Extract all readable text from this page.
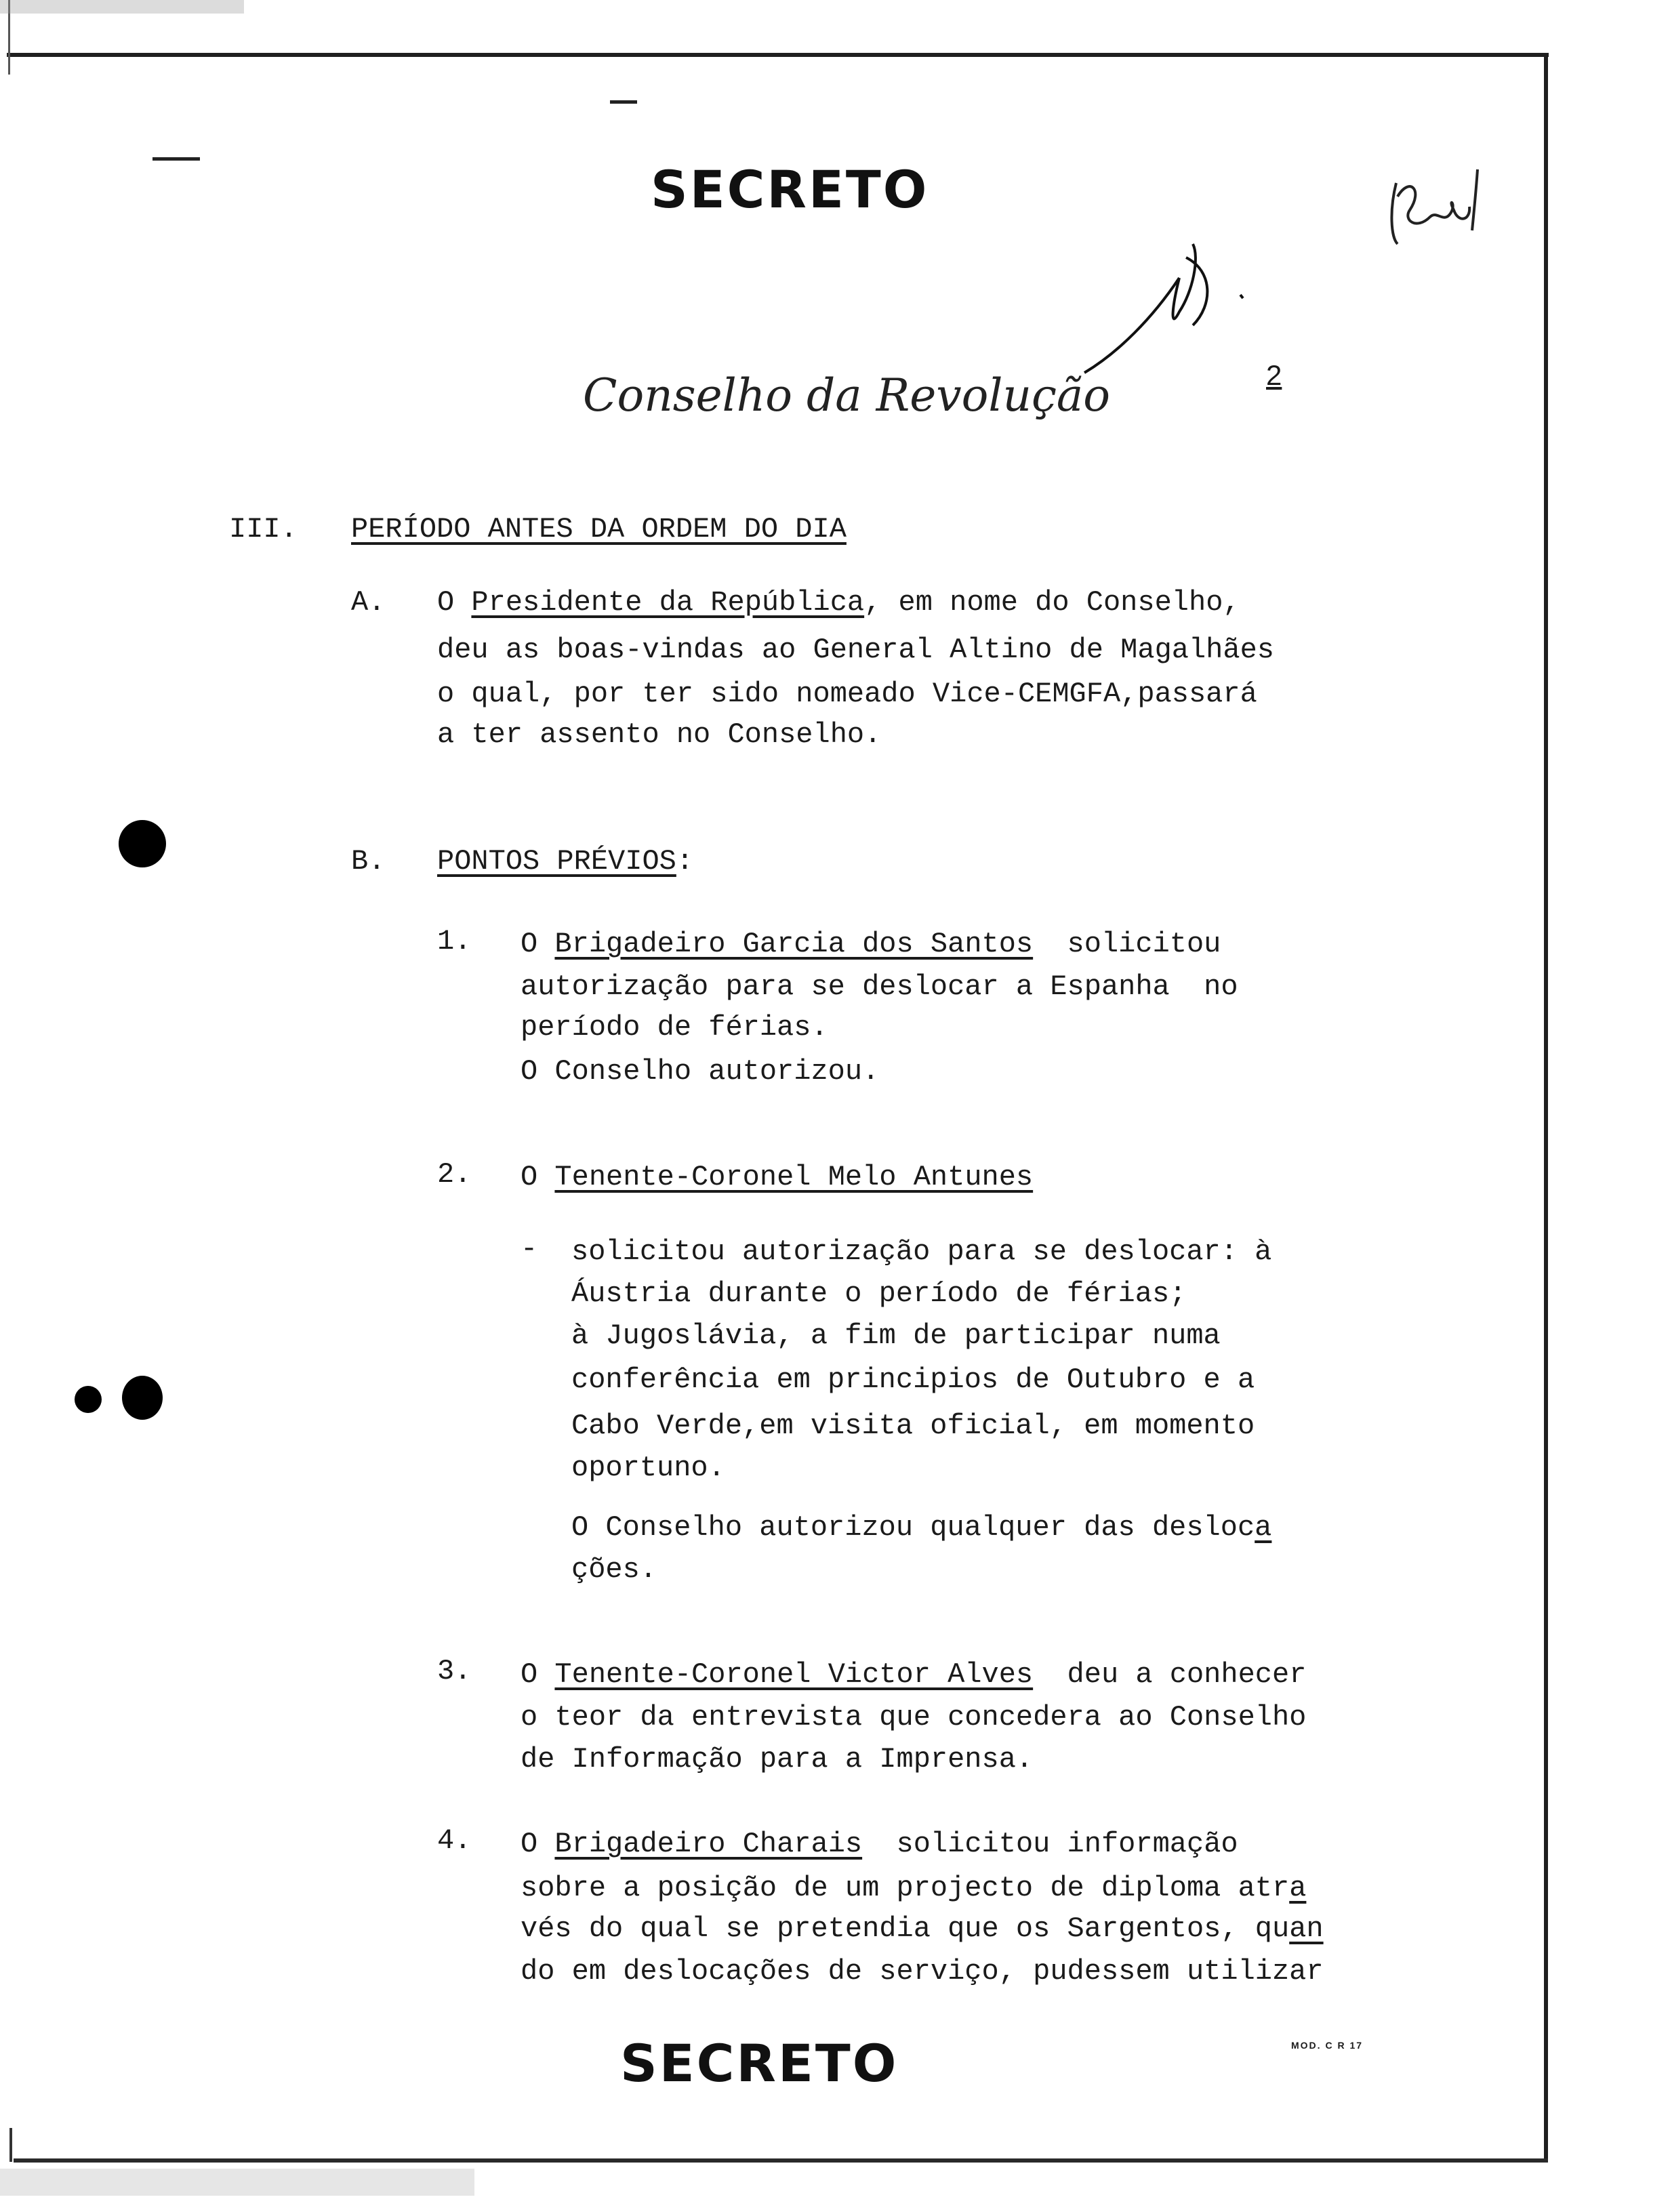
SECRETO
SECRETO
Conselho da Revolução	2
III. PERÍODO ANTES DA ORDEM DO DIA
A. O Presidente da República, em nome do Conselho,
deu as boas-vindas ao General Altino de Magalhães
o qual, por ter sido nomeado Vice-CEMGFA,passará
a ter assento no Conselho.
B. PONTOS PRÉVIOS:
1. O Brigadeiro Garcia dos Santos  solicitou
autorização para se deslocar a Espanha  no
período de férias.
O Conselho autorizou.
2. O Tenente-Coronel Melo Antunes
- solicitou autorização para se deslocar: à
Áustria durante o período de férias;
à Jugoslávia, a fim de participar numa
conferência em principios de Outubro e a
Cabo Verde,em visita oficial, em momento
oportuno.
O Conselho autorizou qualquer das desloca
ções.
3. O Tenente-Coronel Victor Alves  deu a conhecer
o teor da entrevista que concedera ao Conselho
de Informação para a Imprensa.
4. O Brigadeiro Charais  solicitou informação
sobre a posição de um projecto de diploma atra
vés do qual se pretendia que os Sargentos, quan
do em deslocações de serviço, pudessem utilizar
MOD. C R 17
